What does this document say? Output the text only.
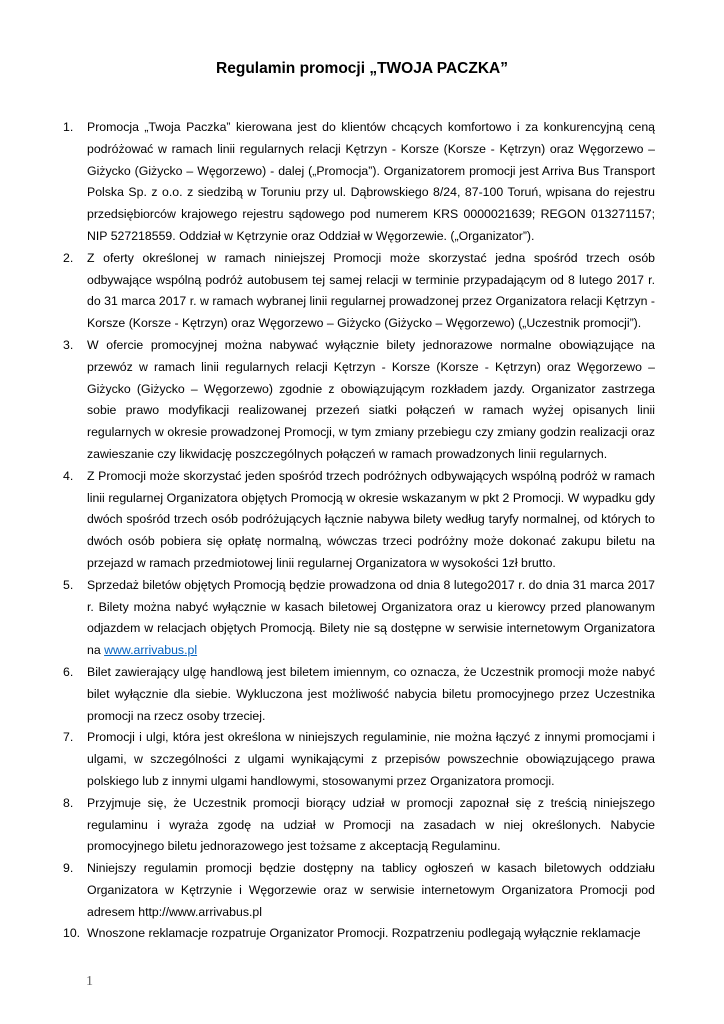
Regulamin promocji „TWOJA PACZKA”
1.	Promocja „Twoja Paczka” kierowana jest do klientów chcących komfortowo i za konkurencyjną ceną podróżować w ramach linii regularnych relacji Kętrzyn - Korsze (Korsze - Kętrzyn) oraz Węgorzewo – Giżycko (Giżycko – Węgorzewo) - dalej („Promocja”). Organizatorem promocji jest Arriva Bus Transport Polska Sp. z o.o. z siedzibą w Toruniu przy ul. Dąbrowskiego 8/24, 87-100 Toruń, wpisana do rejestru przedsiębiorców krajowego rejestru sądowego pod numerem KRS 0000021639; REGON 013271157; NIP 527218559. Oddział w Kętrzynie oraz Oddział w Węgorzewie. („Organizator”).
2.	Z oferty określonej w ramach niniejszej Promocji może skorzystać jedna spośród trzech osób odbywające wspólną podróż autobusem tej samej relacji w terminie przypadającym od 8 lutego 2017 r. do 31 marca 2017 r. w ramach wybranej linii regularnej prowadzonej przez Organizatora relacji Kętrzyn - Korsze (Korsze - Kętrzyn) oraz Węgorzewo – Giżycko (Giżycko – Węgorzewo) („Uczestnik promocji”).
3.	W ofercie promocyjnej można nabywać wyłącznie bilety jednorazowe normalne obowiązujące na przewóz w ramach linii regularnych relacji Kętrzyn - Korsze (Korsze - Kętrzyn) oraz Węgorzewo – Giżycko (Giżycko – Węgorzewo) zgodnie z obowiązującym rozkładem jazdy. Organizator zastrzega sobie prawo modyfikacji realizowanej przezeń siatki połączeń w ramach wyżej opisanych linii regularnych w okresie prowadzonej Promocji, w tym zmiany przebiegu czy zmiany godzin realizacji oraz zawieszanie czy likwidację poszczególnych połączeń w ramach prowadzonych linii regularnych.
4.	Z Promocji może skorzystać jeden spośród trzech podróżnych odbywających wspólną podróż w ramach linii regularnej Organizatora objętych Promocją w okresie wskazanym w pkt 2 Promocji. W wypadku gdy dwóch spośród trzech osób podróżujących łącznie nabywa bilety według taryfy normalnej, od których to dwóch osób pobiera się opłatę normalną, wówczas trzeci podróżny może dokonać zakupu biletu na przejazd w ramach przedmiotowej linii regularnej Organizatora w wysokości 1zł brutto.
5.	Sprzedaż biletów objętych Promocją będzie prowadzona od dnia 8 lutego2017 r. do dnia 31 marca 2017 r. Bilety można nabyć wyłącznie w kasach biletowej Organizatora oraz u kierowcy przed planowanym odjazdem w relacjach objętych Promocją. Bilety nie są dostępne w serwisie internetowym Organizatora na www.arrivabus.pl
6.	Bilet zawierający ulgę handlową jest biletem imiennym, co oznacza, że Uczestnik promocji może nabyć bilet wyłącznie dla siebie. Wykluczona jest możliwość nabycia biletu promocyjnego przez Uczestnika promocji na rzecz osoby trzeciej.
7.	Promocji i ulgi, która jest określona w niniejszych regulaminie, nie można łączyć z innymi promocjami i ulgami, w szczególności z ulgami wynikającymi z przepisów powszechnie obowiązującego prawa polskiego lub z innymi ulgami handlowymi, stosowanymi przez Organizatora promocji.
8.	Przyjmuje się, że Uczestnik promocji biorący udział w promocji zapoznał się z treścią niniejszego regulaminu i wyraża zgodę na udział w Promocji na zasadach w niej określonych. Nabycie promocyjnego biletu jednorazowego jest tożsame z akceptacją Regulaminu.
9.	Niniejszy regulamin promocji będzie dostępny na tablicy ogłoszeń w kasach biletowych oddziału Organizatora w Kętrzynie i Węgorzewie oraz w serwisie internetowym Organizatora Promocji pod adresem http://www.arrivabus.pl
10. Wnoszone reklamacje rozpatruje Organizator Promocji. Rozpatrzeniu podlegają wyłącznie reklamacje
1
